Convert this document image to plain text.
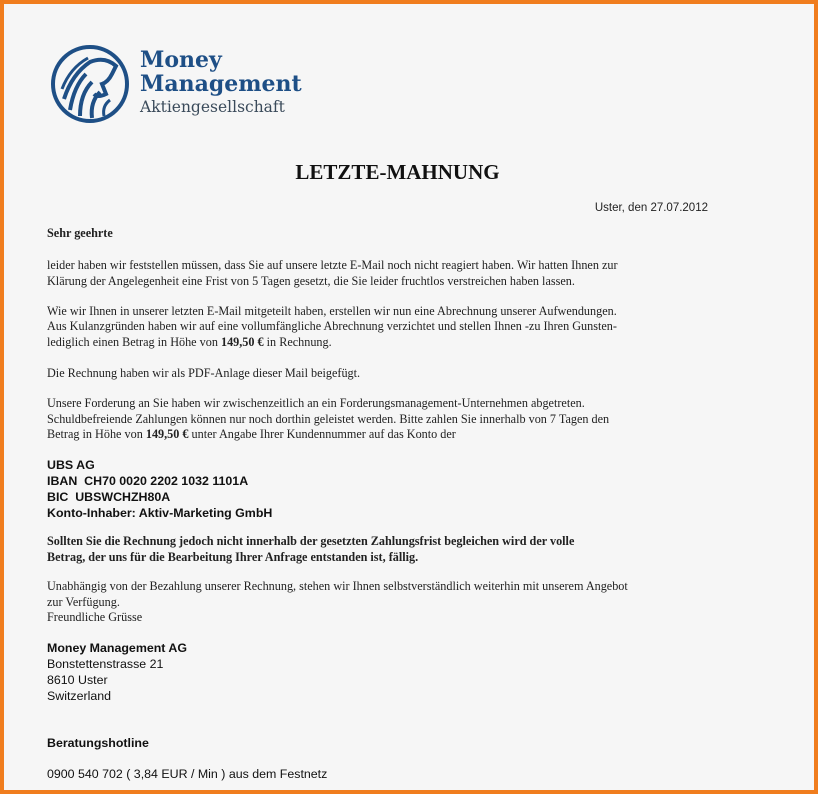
Money
Management
Aktiengesellschaft
LETZTE-MAHNUNG
Uster, den 27.07.2012
Sehr geehrte
leider haben wir feststellen müssen, dass Sie auf unsere letzte E-Mail noch nicht reagiert haben. Wir hatten Ihnen zur
Klärung der Angelegenheit eine Frist von 5 Tagen gesetzt, die Sie leider fruchtlos verstreichen haben lassen.
Wie wir Ihnen in unserer letzten E-Mail mitgeteilt haben, erstellen wir nun eine Abrechnung unserer Aufwendungen.
Aus Kulanzgründen haben wir auf eine vollumfängliche Abrechnung verzichtet und stellen Ihnen -zu Ihren Gunsten-
lediglich einen Betrag in Höhe von 149,50 € in Rechnung.
Die Rechnung haben wir als PDF-Anlage dieser Mail beigefügt.
Unsere Forderung an Sie haben wir zwischenzeitlich an ein Forderungsmanagement-Unternehmen abgetreten.
Schuldbefreiende Zahlungen können nur noch dorthin geleistet werden. Bitte zahlen Sie innerhalb von 7 Tagen den
Betrag in Höhe von 149,50 € unter Angabe Ihrer Kundennummer auf das Konto der
UBS AG
IBAN  CH70 0020 2202 1032 1101A
BIC  UBSWCHZH80A
Konto-Inhaber: Aktiv-Marketing GmbH
Sollten Sie die Rechnung jedoch nicht innerhalb der gesetzten Zahlungsfrist begleichen wird der volle
Betrag, der uns für die Bearbeitung Ihrer Anfrage entstanden ist, fällig.
Unabhängig von der Bezahlung unserer Rechnung, stehen wir Ihnen selbstverständlich weiterhin mit unserem Angebot
zur Verfügung.
Freundliche Grüsse
Money Management AG
Bonstettenstrasse 21
8610 Uster
Switzerland
Beratungshotline
0900 540 702 ( 3,84 EUR / Min ) aus dem Festnetz
